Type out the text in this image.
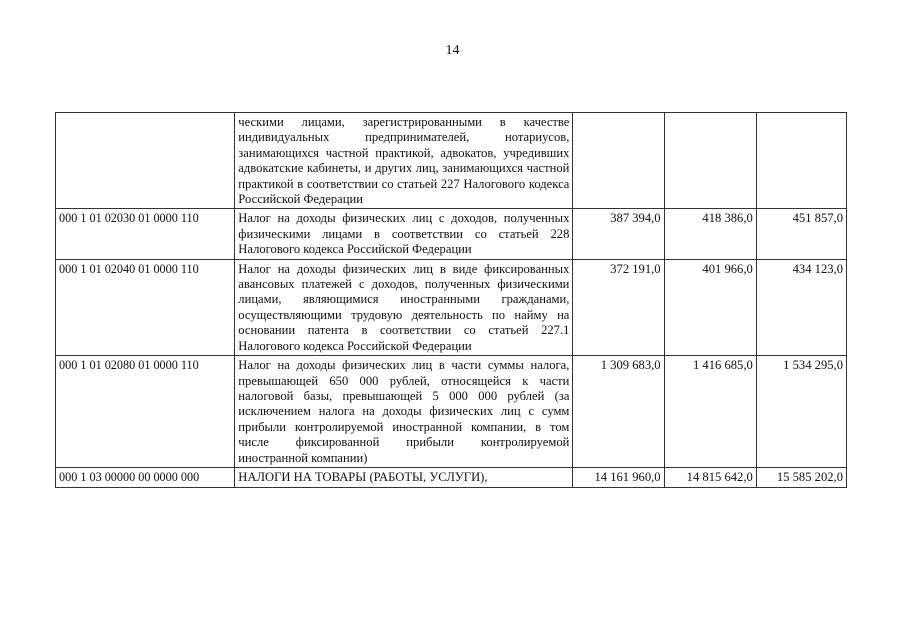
14
	ческими лицами, зарегистрированными в качестве индивидуальных предпринимателей, нотариусов, занимающихся частной практикой, адвокатов, учредивших адвокатские кабинеты, и других лиц, занимающихся частной практикой в соответствии со статьей 227 Налогового кодекса Российской Федерации			
000 1 01 02030 01 0000 110	Налог на доходы физических лиц с доходов, полученных физическими лицами в соответствии со статьей 228 Налогового кодекса Российской Федерации	387 394,0	418 386,0	451 857,0
000 1 01 02040 01 0000 110	Налог на доходы физических лиц в виде фиксированных авансовых платежей с доходов, полученных физическими лицами, являющимися иностранными гражданами, осуществляющими трудовую деятельность по найму на основании патента в соответствии со статьей 227.1 Налогового кодекса Российской Федерации	372 191,0	401 966,0	434 123,0
000 1 01 02080 01 0000 110	Налог на доходы физических лиц в части суммы налога, превышающей 650 000 рублей, относящейся к части налоговой базы, превышающей 5 000 000 рублей (за исключением налога на доходы физических лиц с сумм прибыли контролируемой иностранной компании, в том числе фиксированной прибыли контролируемой иностранной компании)	1 309 683,0	1 416 685,0	1 534 295,0
000 1 03 00000 00 0000 000	НАЛОГИ НА ТОВАРЫ (РАБОТЫ, УСЛУГИ),	14 161 960,0	14 815 642,0	15 585 202,0
